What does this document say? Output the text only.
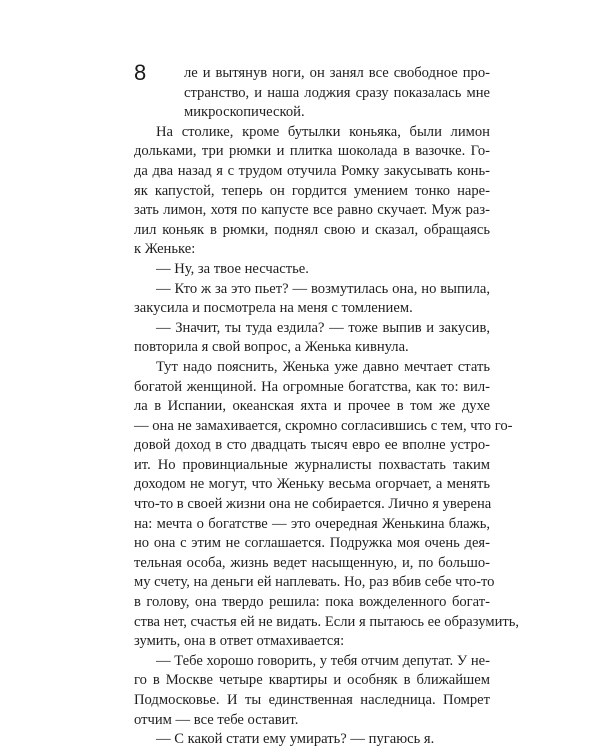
8	ле и вытянув ноги, он занял все свободное про-
странство, и наша лоджия сразу показалась мне
микроскопической.
На столике, кроме бутылки коньяка, были лимон
дольками, три рюмки и плитка шоколада в вазочке. Го-
да два назад я с трудом отучила Ромку закусывать конь-
як капустой, теперь он гордится умением тонко наре-
зать лимон, хотя по капусте все равно скучает. Муж раз-
лил коньяк в рюмки, поднял свою и сказал, обращаясь
к Женьке:
— Ну, за твое несчастье.
— Кто ж за это пьет? — возмутилась она, но выпила,
закусила и посмотрела на меня с томлением.
— Значит, ты туда ездила? — тоже выпив и закусив,
повторила я свой вопрос, а Женька кивнула.
Тут надо пояснить, Женька уже давно мечтает стать
богатой женщиной. На огромные богатства, как то: вил-
ла в Испании, океанская яхта и прочее в том же духе
— она не замахивается, скромно согласившись с тем, что го-
довой доход в сто двадцать тысяч евро ее вполне устро-
ит. Но провинциальные журналисты похвастать таким
доходом не могут, что Женьку весьма огорчает, а менять
что-то в своей жизни она не собирается. Лично я уверена
на: мечта о богатстве — это очередная Женькина блажь,
но она с этим не соглашается. Подружка моя очень дея-
тельная особа, жизнь ведет насыщенную, и, по большо-
му счету, на деньги ей наплевать. Но, раз вбив себе что-то
в голову, она твердо решила: пока вожделенного богат-
ства нет, счастья ей не видать. Если я пытаюсь ее образумить,
зумить, она в ответ отмахивается:
— Тебе хорошо говорить, у тебя отчим депутат. У не-
го в Москве четыре квартиры и особняк в ближайшем
Подмосковье. И ты единственная наследница. Помрет
отчим — все тебе оставит.
— С какой стати ему умирать? — пугаюсь я.
